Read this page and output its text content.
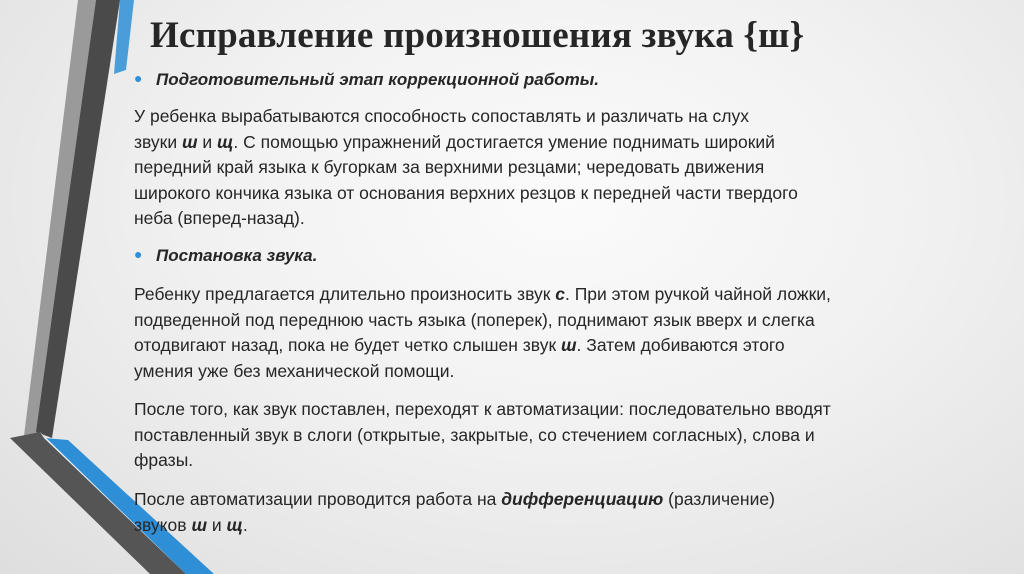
Исправление произношения звука {ш}
● Подготовительный этап коррекционной работы.
У ребенка вырабатываются способность сопоставлять и различать на слух
звуки ш и щ. С помощью упражнений достигается умение поднимать широкий
передний край языка к бугоркам за верхними резцами; чередовать движения
широкого кончика языка от основания верхних резцов к передней части твердого
неба (вперед-назад).
● Постановка звука.
Ребенку предлагается длительно произносить звук с. При этом ручкой чайной ложки,
подведенной под переднюю часть языка (поперек), поднимают язык вверх и слегка
отодвигают назад, пока не будет четко слышен звук ш. Затем добиваются этого
умения уже без механической помощи.
После того, как звук поставлен, переходят к автоматизации: последовательно вводят
поставленный звук в слоги (открытые, закрытые, со стечением согласных), слова и
фразы.
После автоматизации проводится работа на дифференциацию (различение)
звуков ш и щ.
